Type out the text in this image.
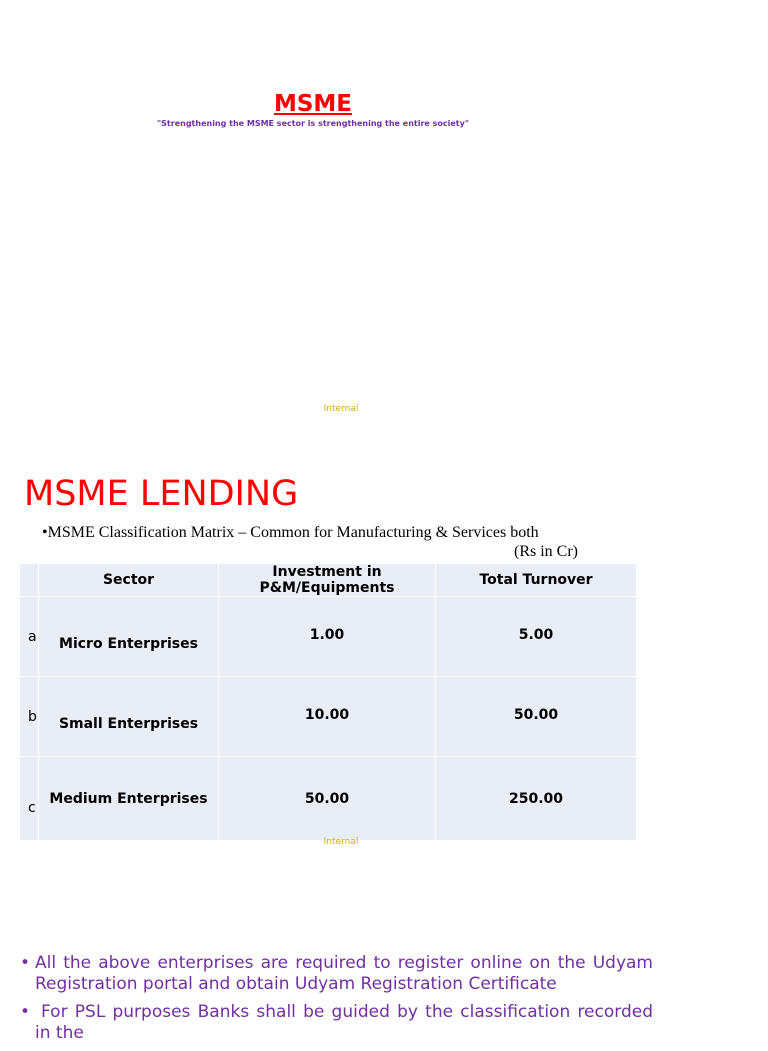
MSME
"Strengthening the MSME sector is strengthening the entire society"
Internal
MSME LENDING
•MSME Classification Matrix – Common for Manufacturing & Services both
(Rs in Cr)
	Sector	Investment in P&M/Equipments	Total Turnover
a	Micro Enterprises	1.00	5.00
b	Small Enterprises	10.00	50.00
c	Medium Enterprises	50.00	250.00
Internal
• All the above enterprises are required to register online on the Udyam Registration portal and obtain Udyam Registration Certificate
• For PSL purposes Banks shall be guided by the classification recorded in the
